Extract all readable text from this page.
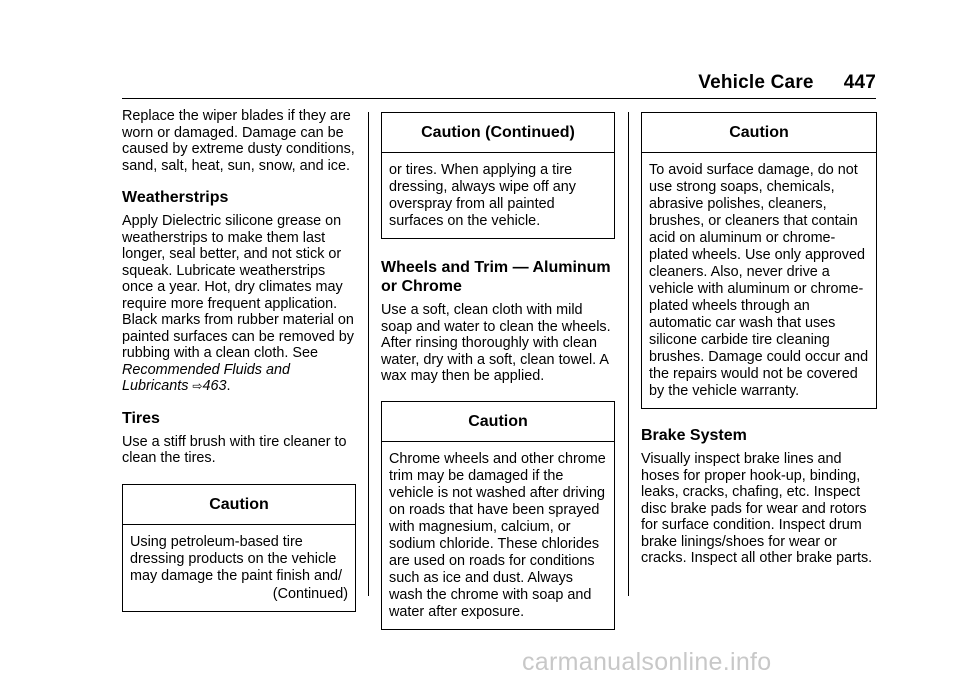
Vehicle Care 447

Replace the wiper blades if they are worn or damaged. Damage can be caused by extreme dusty conditions, sand, salt, heat, sun, snow, and ice.

Weatherstrips

Apply Dielectric silicone grease on weatherstrips to make them last longer, seal better, and not stick or squeak. Lubricate weatherstrips once a year. Hot, dry climates may require more frequent application. Black marks from rubber material on painted surfaces can be removed by rubbing with a clean cloth. See Recommended Fluids and Lubricants ⇨463.

Tires

Use a stiff brush with tire cleaner to clean the tires.

Caution

Using petroleum-based tire dressing products on the vehicle may damage the paint finish and/

(Continued)

Caution (Continued)

or tires. When applying a tire dressing, always wipe off any overspray from all painted surfaces on the vehicle.

Wheels and Trim — Aluminum or Chrome

Use a soft, clean cloth with mild soap and water to clean the wheels. After rinsing thoroughly with clean water, dry with a soft, clean towel. A wax may then be applied.

Caution

Chrome wheels and other chrome trim may be damaged if the vehicle is not washed after driving on roads that have been sprayed with magnesium, calcium, or sodium chloride. These chlorides are used on roads for conditions such as ice and dust. Always wash the chrome with soap and water after exposure.

Caution

To avoid surface damage, do not use strong soaps, chemicals, abrasive polishes, cleaners, brushes, or cleaners that contain acid on aluminum or chrome-plated wheels. Use only approved cleaners. Also, never drive a vehicle with aluminum or chrome-plated wheels through an automatic car wash that uses silicone carbide tire cleaning brushes. Damage could occur and the repairs would not be covered by the vehicle warranty.

Brake System

Visually inspect brake lines and hoses for proper hook-up, binding, leaks, cracks, chafing, etc. Inspect disc brake pads for wear and rotors for surface condition. Inspect drum brake linings/shoes for wear or cracks. Inspect all other brake parts.

carmanualsonline.info
